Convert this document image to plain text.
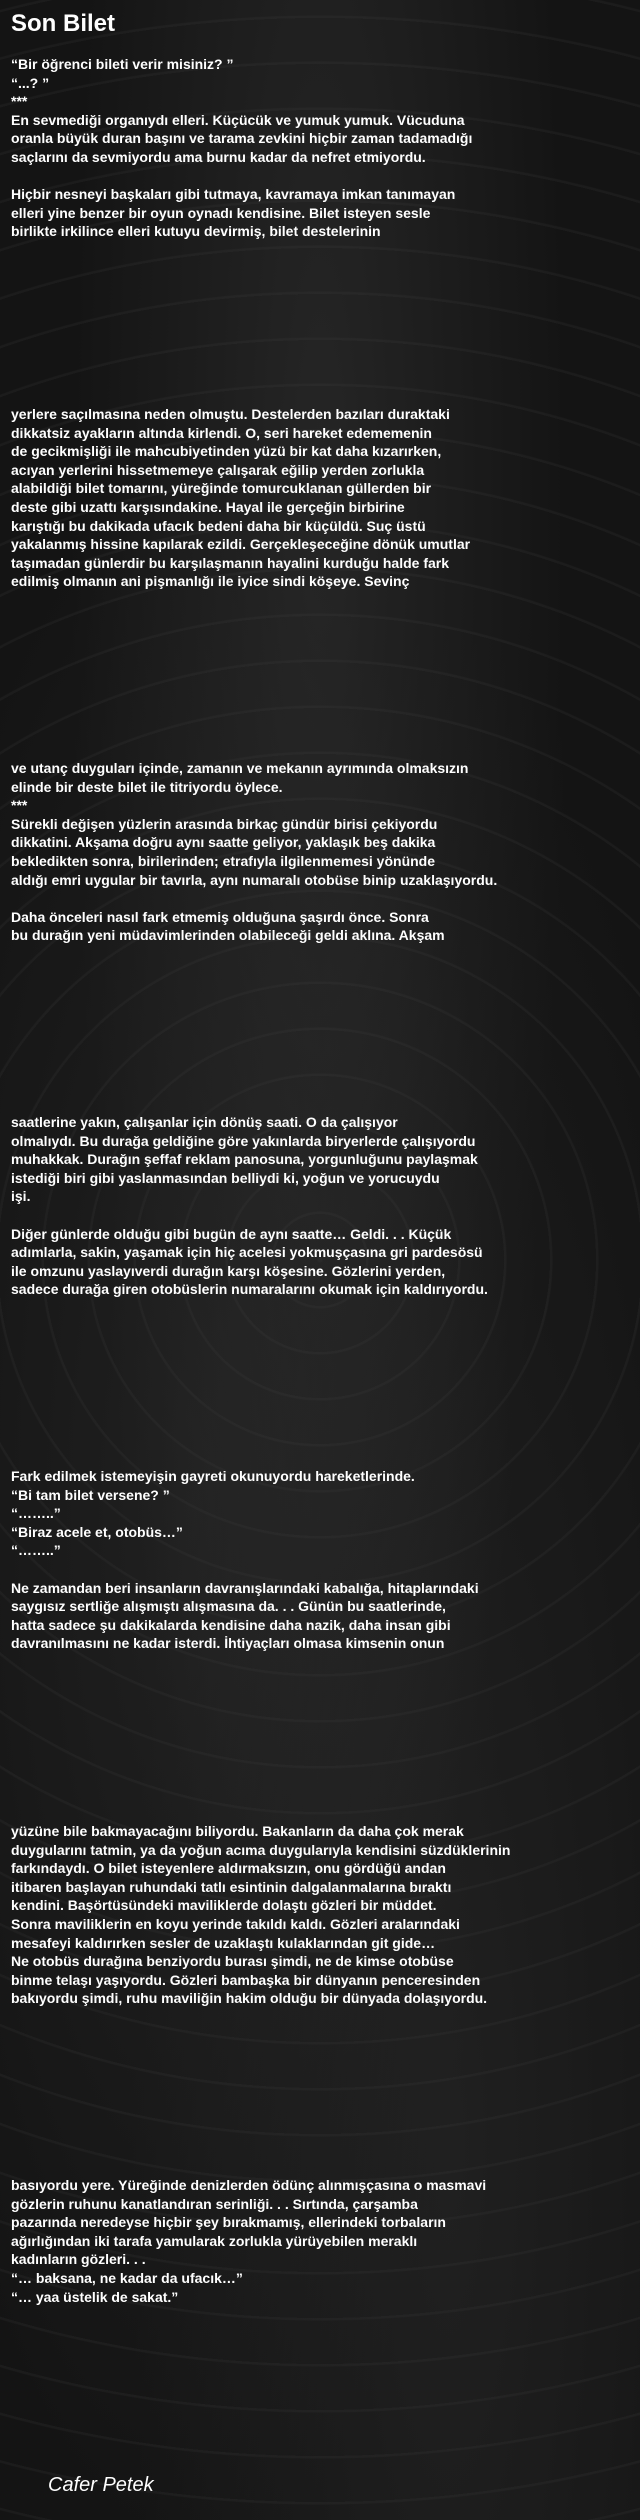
Son Bilet
“Bir öğrenci bileti verir misiniz? ”
“...? ”
***
En sevmediği organıydı elleri. Küçücük ve yumuk yumuk. Vücuduna
oranla büyük duran başını ve tarama zevkini hiçbir zaman tadamadığı
saçlarını da sevmiyordu ama burnu kadar da nefret etmiyordu.
Hiçbir nesneyi başkaları gibi tutmaya, kavramaya imkan tanımayan
elleri yine benzer bir oyun oynadı kendisine. Bilet isteyen sesle
birlikte irkilince elleri kutuyu devirmiş, bilet destelerinin
yerlere saçılmasına neden olmuştu. Destelerden bazıları duraktaki
dikkatsiz ayakların altında kirlendi. O, seri hareket edememenin
de gecikmişliği ile mahcubiyetinden yüzü bir kat daha kızarırken,
acıyan yerlerini hissetmemeye çalışarak eğilip yerden zorlukla
alabildiği bilet tomarını, yüreğinde tomurcuklanan güllerden bir
deste gibi uzattı karşısındakine. Hayal ile gerçeğin birbirine
karıştığı bu dakikada ufacık bedeni daha bir küçüldü. Suç üstü
yakalanmış hissine kapılarak ezildi. Gerçekleşeceğine dönük umutlar
taşımadan günlerdir bu karşılaşmanın hayalini kurduğu halde fark
edilmiş olmanın ani pişmanlığı ile iyice sindi köşeye. Sevinç
ve utanç duyguları içinde, zamanın ve mekanın ayrımında olmaksızın
elinde bir deste bilet ile titriyordu öylece.
***
Sürekli değişen yüzlerin arasında birkaç gündür birisi çekiyordu
dikkatini. Akşama doğru aynı saatte geliyor, yaklaşık beş dakika
bekledikten sonra, birilerinden; etrafıyla ilgilenmemesi yönünde
aldığı emri uygular bir tavırla, aynı numaralı otobüse binip uzaklaşıyordu.
Daha önceleri nasıl fark etmemiş olduğuna şaşırdı önce. Sonra
bu durağın yeni müdavimlerinden olabileceği geldi aklına. Akşam
saatlerine yakın, çalışanlar için dönüş saati. O da çalışıyor
olmalıydı. Bu durağa geldiğine göre yakınlarda biryerlerde çalışıyordu
muhakkak. Durağın şeffaf reklam panosuna, yorgunluğunu paylaşmak
istediği biri gibi yaslanmasından belliydi ki, yoğun ve yorucuydu
işi.
Diğer günlerde olduğu gibi bugün de aynı saatte… Geldi. . . Küçük
adımlarla, sakin, yaşamak için hiç acelesi yokmuşçasına gri pardesösü
ile omzunu yaslayıverdi durağın karşı köşesine. Gözlerini yerden,
sadece durağa giren otobüslerin numaralarını okumak için kaldırıyordu.
Fark edilmek istemeyişin gayreti okunuyordu hareketlerinde.
“Bi tam bilet versene? ”
“……..”
“Biraz acele et, otobüs…”
“……..”
Ne zamandan beri insanların davranışlarındaki kabalığa, hitaplarındaki
saygısız sertliğe alışmıştı alışmasına da. . . Günün bu saatlerinde,
hatta sadece şu dakikalarda kendisine daha nazik, daha insan gibi
davranılmasını ne kadar isterdi. İhtiyaçları olmasa kimsenin onun
yüzüne bile bakmayacağını biliyordu. Bakanların da daha çok merak
duygularını tatmin, ya da yoğun acıma duygularıyla kendisini süzdüklerinin
farkındaydı. O bilet isteyenlere aldırmaksızın, onu gördüğü andan
itibaren başlayan ruhundaki tatlı esintinin dalgalanmalarına bıraktı
kendini. Başörtüsündeki maviliklerde dolaştı gözleri bir müddet.
Sonra maviliklerin en koyu yerinde takıldı kaldı. Gözleri aralarındaki
mesafeyi kaldırırken sesler de uzaklaştı kulaklarından git gide…
Ne otobüs durağına benziyordu burası şimdi, ne de kimse otobüse
binme telaşı yaşıyordu. Gözleri bambaşka bir dünyanın penceresinden
bakıyordu şimdi, ruhu maviliğin hakim olduğu bir dünyada dolaşıyordu.
basıyordu yere. Yüreğinde denizlerden ödünç alınmışçasına o masmavi
gözlerin ruhunu kanatlandıran serinliği. . . Sırtında, çarşamba
pazarında neredeyse hiçbir şey bırakmamış, ellerindeki torbaların
ağırlığından iki tarafa yamularak zorlukla yürüyebilen meraklı
kadınların gözleri. . .
“… baksana, ne kadar da ufacık…”
“… yaa üstelik de sakat.”
Cafer Petek
